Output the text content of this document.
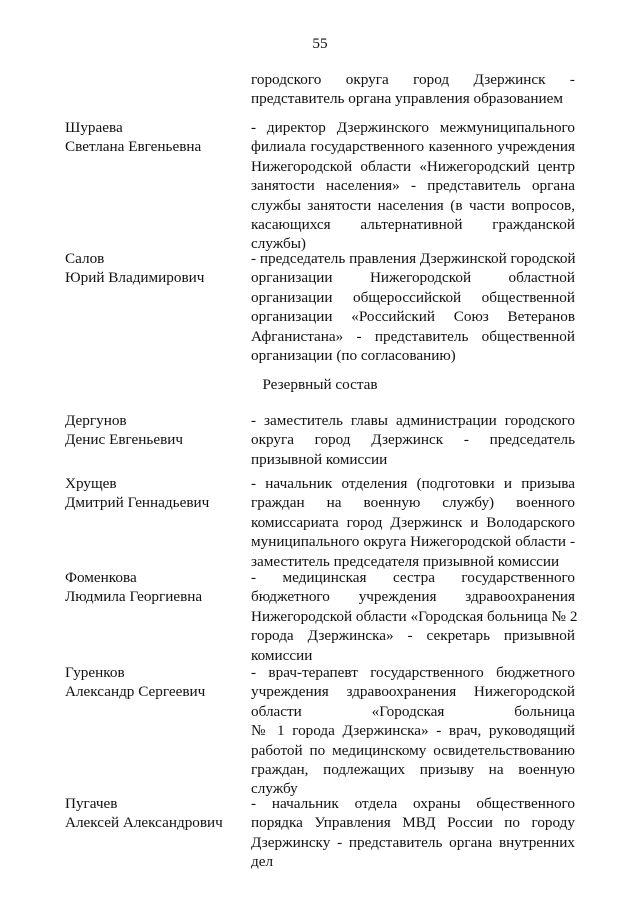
55
городского округа город Дзержинск -
представитель органа управления образованием
Шураева
Светлана Евгеньевна
- директор Дзержинского межмуниципального
филиала государственного казенного учреждения
Нижегородской области «Нижегородский центр
занятости населения» - представитель органа
службы занятости населения (в части вопросов,
касающихся альтернативной гражданской
службы)
Салов
Юрий Владимирович
- председатель правления Дзержинской городской
организации Нижегородской областной
организации общероссийской общественной
организации «Российский Союз Ветеранов
Афганистана» - представитель общественной
организации (по согласованию)
Резервный состав
Дергунов
Денис Евгеньевич
- заместитель главы администрации городского
округа город Дзержинск - председатель
призывной комиссии
Хрущев
Дмитрий Геннадьевич
- начальник отделения (подготовки и призыва
граждан на военную службу) военного
комиссариата город Дзержинск и Володарского
муниципального округа Нижегородской области -
заместитель председателя призывной комиссии
Фоменкова
Людмила Георгиевна
- медицинская сестра государственного
бюджетного учреждения здравоохранения
Нижегородской области «Городская больница № 2
города Дзержинска» - секретарь призывной
комиссии
Гуренков
Александр Сергеевич
- врач-терапевт государственного бюджетного
учреждения здравоохранения Нижегородской
области «Городская больница
№ 1 города Дзержинска» - врач, руководящий
работой по медицинскому освидетельствованию
граждан, подлежащих призыву на военную
службу
Пугачев
Алексей Александрович
- начальник отдела охраны общественного
порядка Управления МВД России по городу
Дзержинску - представитель органа внутренних
дел
